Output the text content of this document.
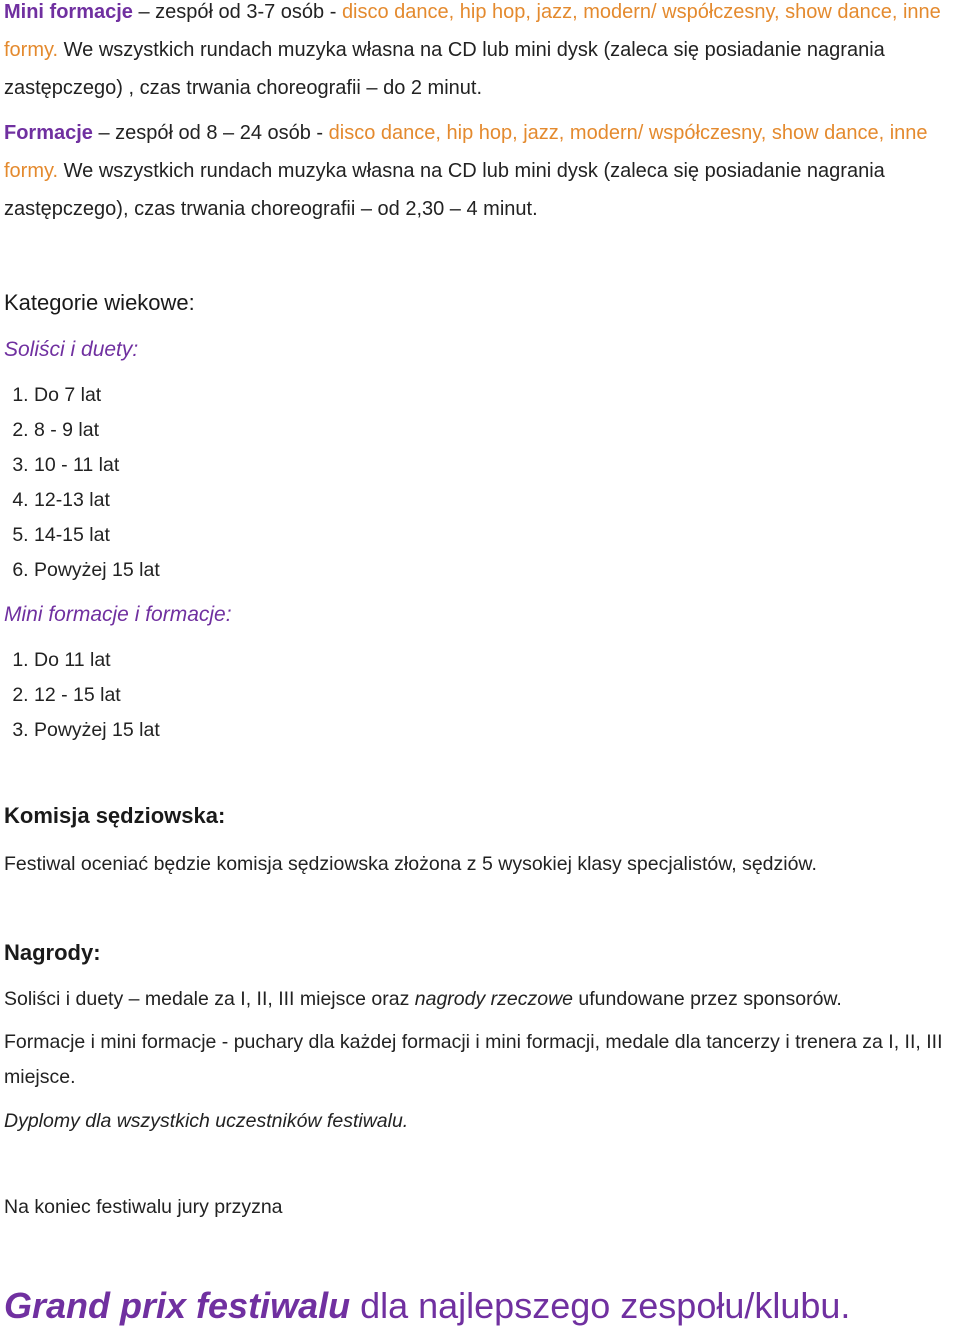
Mini formacje – zespół od 3-7 osób - disco dance, hip hop, jazz, modern/ współczesny, show dance, inne formy. We wszystkich rundach muzyka własna na CD lub mini dysk (zaleca się posiadanie nagrania zastępczego) , czas trwania choreografii – do 2 minut.

Formacje – zespół od 8 – 24 osób - disco dance, hip hop, jazz, modern/ współczesny, show dance, inne formy. We wszystkich rundach muzyka własna na CD lub mini dysk (zaleca się posiadanie nagrania zastępczego), czas trwania choreografii – od 2,30 – 4 minut.

Kategorie wiekowe:
Soliści i duety:
1. Do 7 lat
2. 8 - 9 lat
3. 10 - 11 lat
4. 12-13 lat
5. 14-15 lat
6. Powyżej 15 lat
Mini formacje i formacje:
1. Do 11 lat
2. 12 - 15 lat
3. Powyżej 15 lat
Komisja sędziowska:

Festiwal oceniać będzie komisja sędziowska złożona z 5 wysokiej klasy specjalistów, sędziów.

Nagrody:

Soliści i duety – medale za I, II, III miejsce oraz nagrody rzeczowe ufundowane przez sponsorów.

Formacje i mini formacje - puchary dla każdej formacji i mini formacji, medale dla tancerzy i trenera za I, II, III miejsce.

Dyplomy dla wszystkich uczestników festiwalu.

Na koniec festiwalu jury przyzna

Grand prix festiwalu dla najlepszego zespołu/klubu.
